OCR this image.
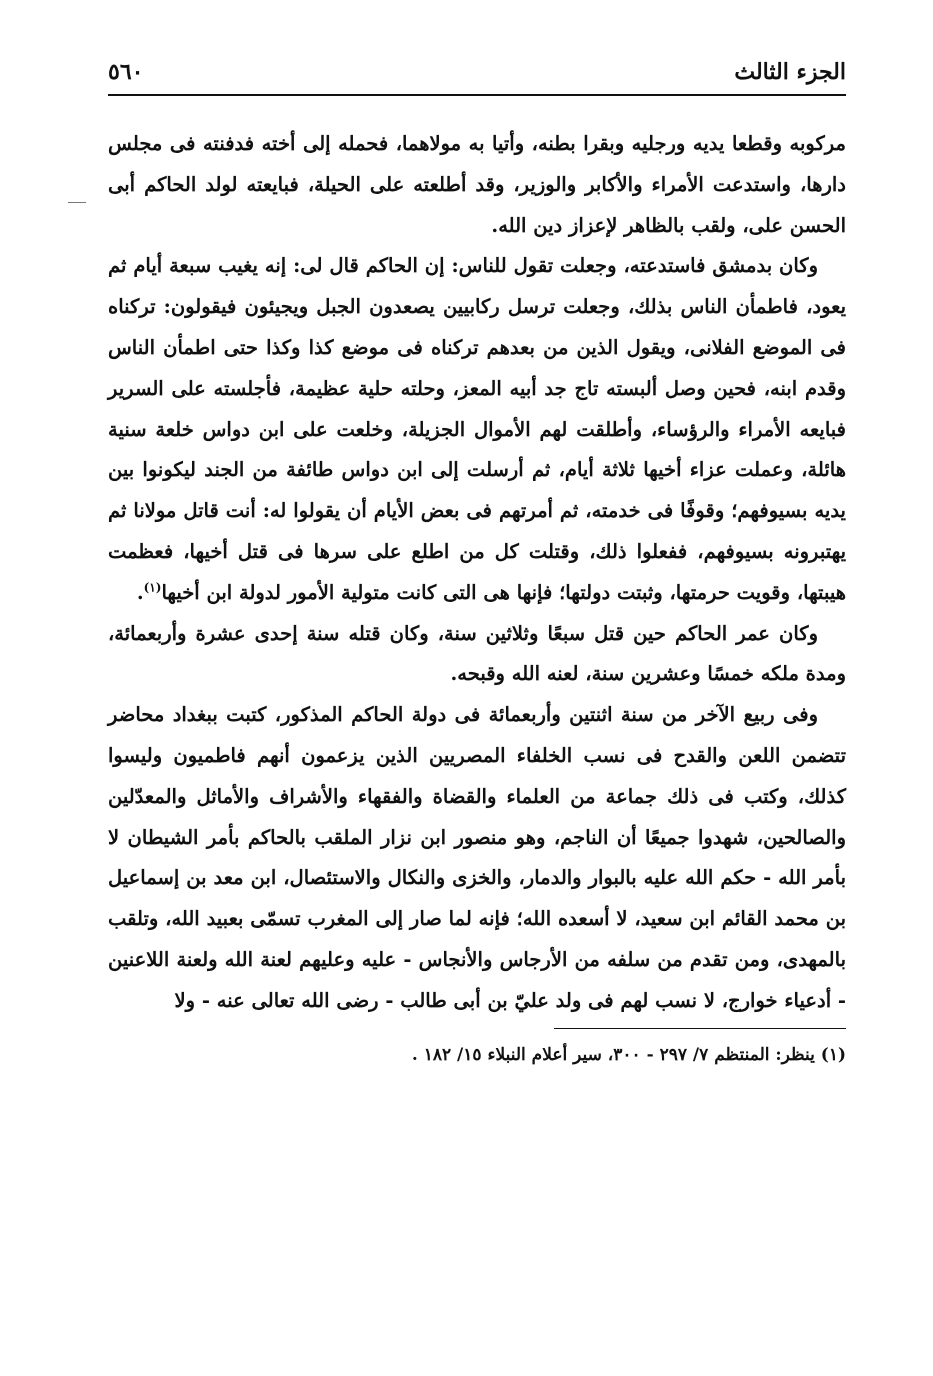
الجزء الثالث
٥٦٠

مركوبه وقطعا يديه ورجليه وبقرا بطنه، وأتيا به مولاهما، فحمله إلى أخته فدفنته فى مجلس دارها، واستدعت الأمراء والأكابر والوزير، وقد أطلعته على الحيلة، فبايعته لولد الحاكم أبى الحسن على، ولقب بالظاهر لإعزاز دين الله.

وكان بدمشق فاستدعته، وجعلت تقول للناس: إن الحاكم قال لى: إنه يغيب سبعة أيام ثم يعود، فاطمأن الناس بذلك، وجعلت ترسل ركابيين يصعدون الجبل ويجيئون فيقولون: تركناه فى الموضع الفلانى، ويقول الذين من بعدهم تركناه فى موضع كذا وكذا حتى اطمأن الناس وقدم ابنه، فحين وصل ألبسته تاج جد أبيه المعز، وحلته حلية عظيمة، فأجلسته على السرير فبايعه الأمراء والرؤساء، وأطلقت لهم الأموال الجزيلة، وخلعت على ابن دواس خلعة سنية هائلة، وعملت عزاء أخيها ثلاثة أيام، ثم أرسلت إلى ابن دواس طائفة من الجند ليكونوا بين يديه بسيوفهم؛ وقوفًا فى خدمته، ثم أمرتهم فى بعض الأيام أن يقولوا له: أنت قاتل مولانا ثم يهتبرونه بسيوفهم، ففعلوا ذلك، وقتلت كل من اطلع على سرها فى قتل أخيها، فعظمت هيبتها، وقويت حرمتها، وثبتت دولتها؛ فإنها هى التى كانت متولية الأمور لدولة ابن أخيها$^{(١)}$.

وكان عمر الحاكم حين قتل سبعًا وثلاثين سنة، وكان قتله سنة إحدى عشرة وأربعمائة، ومدة ملكه خمسًا وعشرين سنة، لعنه الله وقبحه.

وفى ربيع الآخر من سنة اثنتين وأربعمائة فى دولة الحاكم المذكور، كتبت ببغداد محاضر تتضمن اللعن والقدح فى نسب الخلفاء المصريين الذين يزعمون أنهم فاطميون وليسوا كذلك، وكتب فى ذلك جماعة من العلماء والقضاة والفقهاء والأشراف والأماثل والمعدّلين والصالحين، شهدوا جميعًا أن الناجم، وهو منصور ابن نزار الملقب بالحاكم بأمر الشيطان لا بأمر الله - حكم الله عليه بالبوار والدمار، والخزى والنكال والاستئصال، ابن معد بن إسماعيل بن محمد القائم ابن سعيد، لا أسعده الله؛ فإنه لما صار إلى المغرب تسمّى بعبيد الله، وتلقب بالمهدى، ومن تقدم من سلفه من الأرجاس والأنجاس - عليه وعليهم لعنة الله ولعنة اللاعنين - أدعياء خوارج، لا نسب لهم فى ولد عليّ بن أبى طالب - رضى الله تعالى عنه - ولا

(١) ينظر: المنتظم ٧/ ٢٩٧ - ٣٠٠، سير أعلام النبلاء ١٥/ ١٨٢ .
